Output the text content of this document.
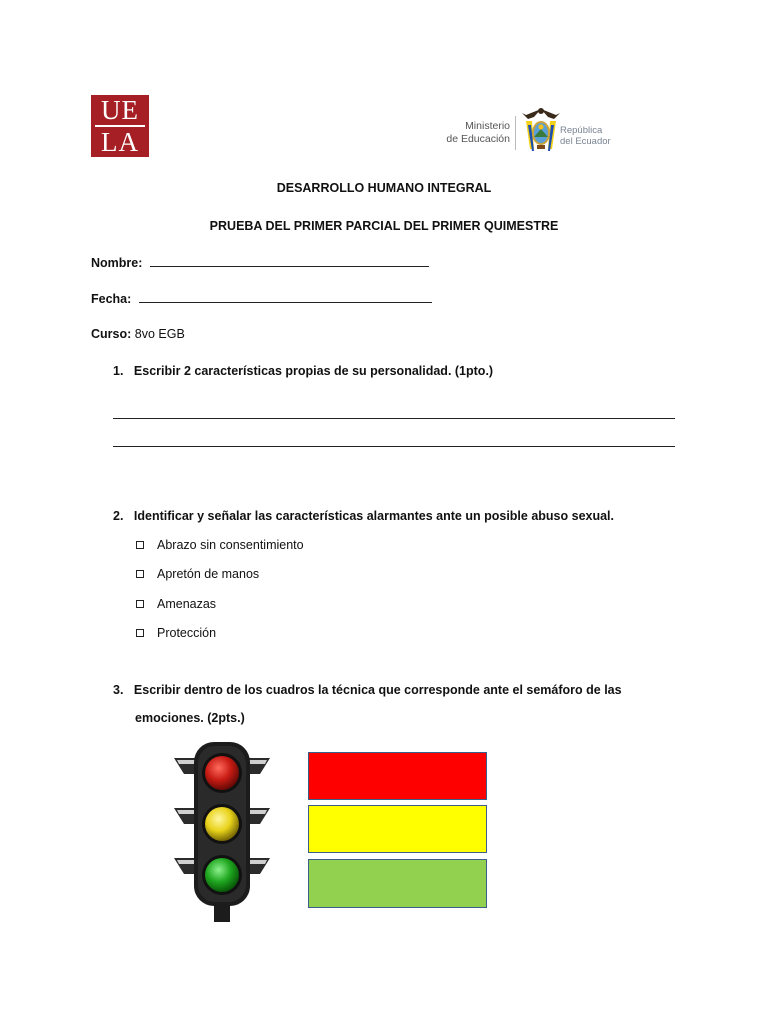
UE
LA
Ministerio
de Educación
República
del Ecuador
DESARROLLO HUMANO INTEGRAL
PRUEBA DEL PRIMER PARCIAL DEL PRIMER QUIMESTRE
Nombre:
Fecha:
Curso: 8vo EGB
1. Escribir 2 características propias de su personalidad. (1pto.)
2. Identificar y señalar las características alarmantes ante un posible abuso sexual.
Abrazo sin consentimiento
Apretón de manos
Amenazas
Protección
3. Escribir dentro de los cuadros la técnica que corresponde ante el semáforo de las
emociones. (2pts.)
